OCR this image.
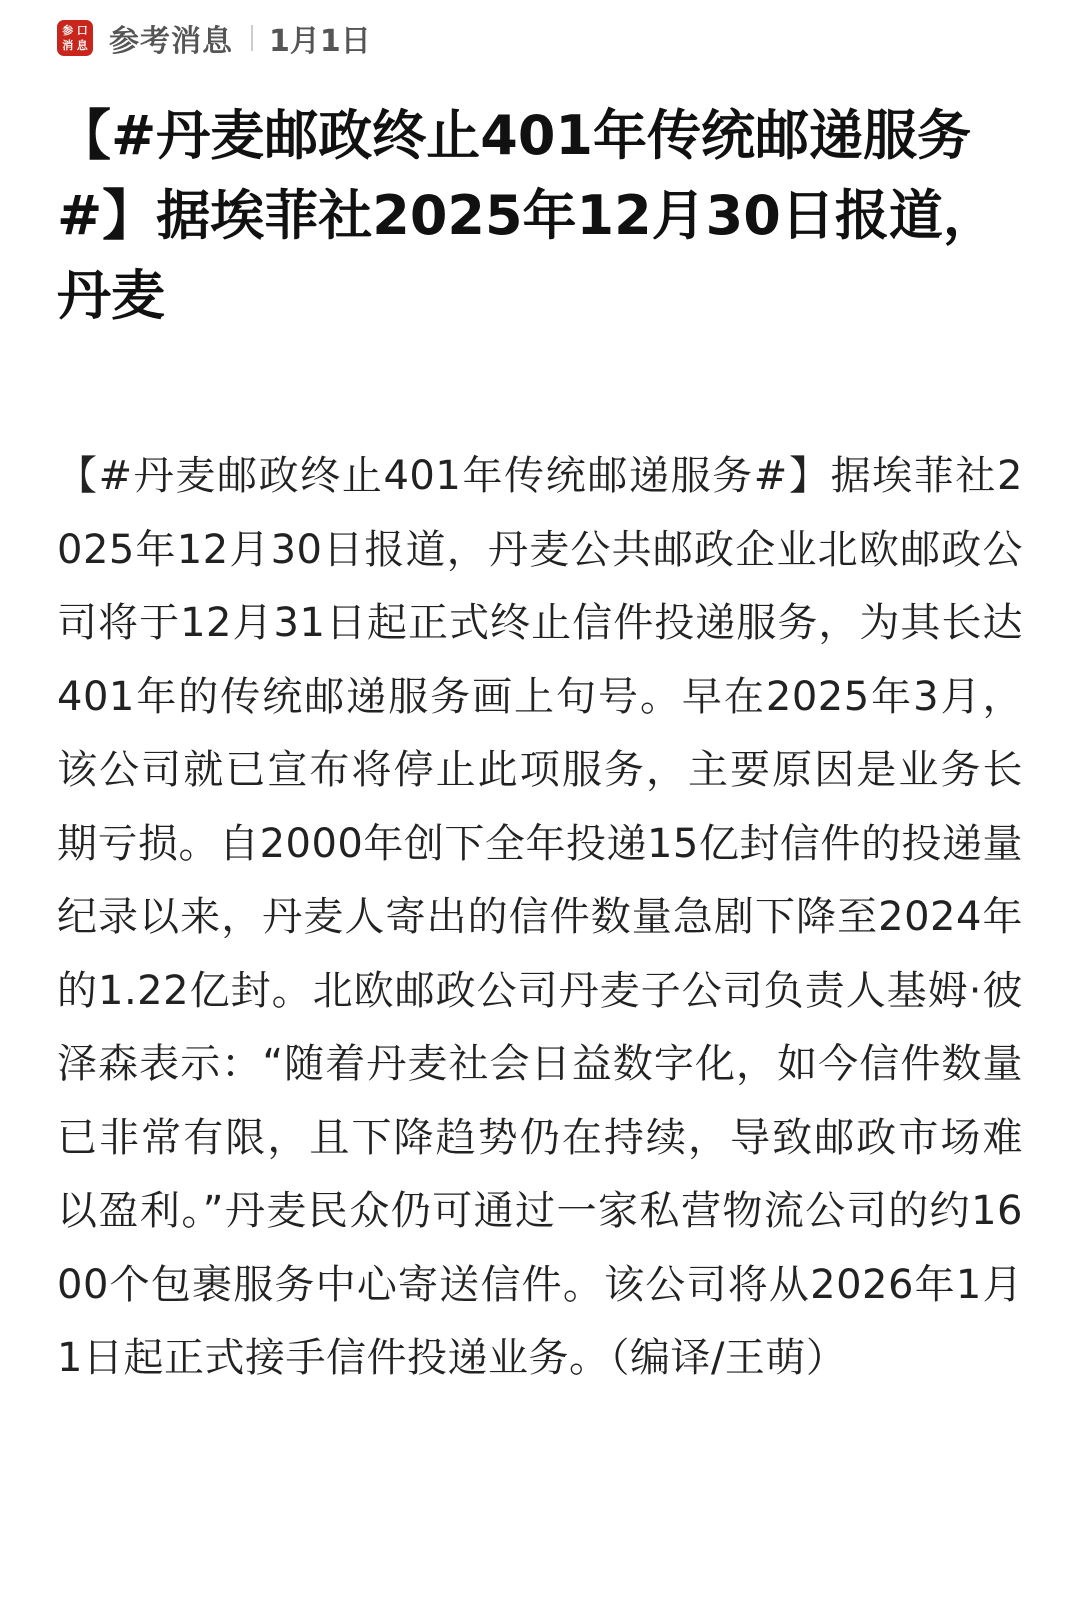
参 口
消 息 参考消息 1月1日
【#丹麦邮政终止401年传统邮递服务#】据埃菲社2025年12月30日报道，丹麦

【#丹麦邮政终止401年传统邮递服务#】据埃菲社2025年12月30日报道，丹麦公共邮政企业北欧邮政公司将于12月31日起正式终止信件投递服务，为其长达401年的传统邮递服务画上句号。早在2025年3月，该公司就已宣布将停止此项服务，主要原因是业务长期亏损。自2000年创下全年投递15亿封信件的投递量纪录以来，丹麦人寄出的信件数量急剧下降至2024年的1.22亿封。北欧邮政公司丹麦子公司负责人基姆·彼泽森表示：“随着丹麦社会日益数字化，如今信件数量已非常有限，且下降趋势仍在持续，导致邮政市场难以盈利。”丹麦民众仍可通过一家私营物流公司的约1600个包裹服务中心寄送信件。该公司将从2026年1月1日起正式接手信件投递业务。（编译/王萌）
